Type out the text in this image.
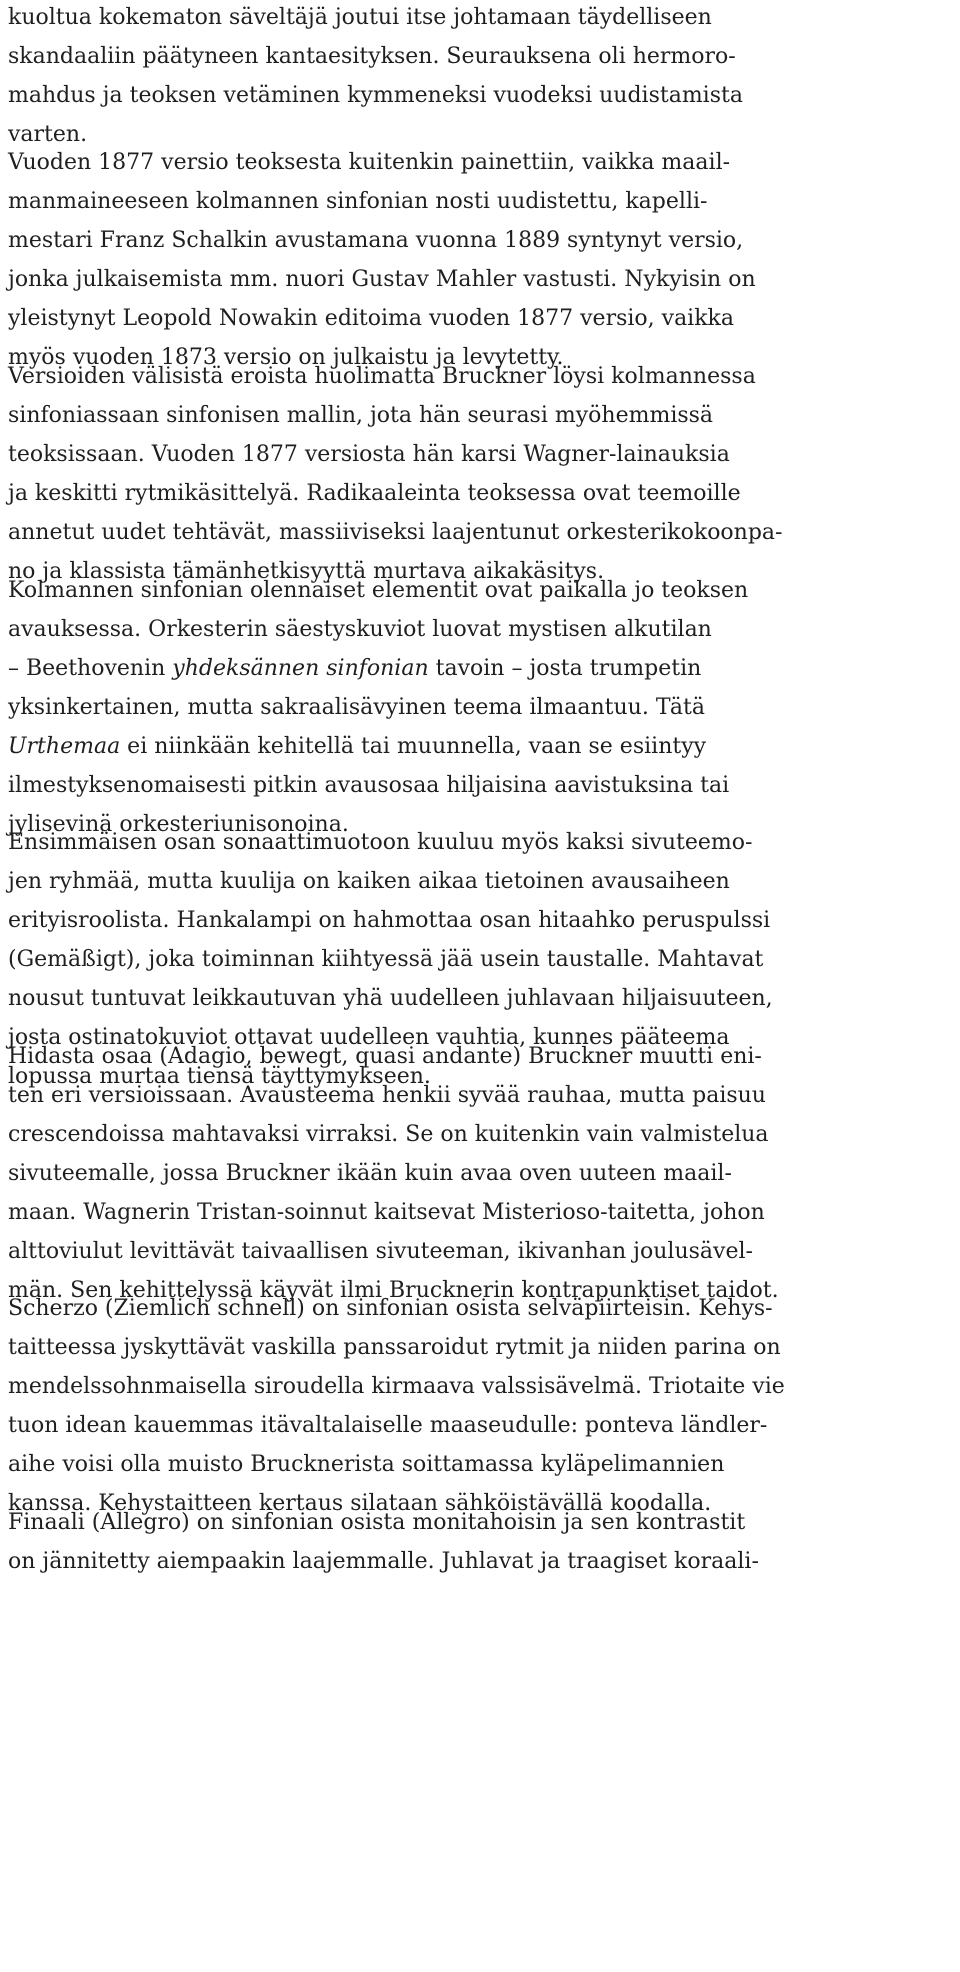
kuoltua kokematon säveltäjä joutui itse johtamaan täydelliseen
skandaaliin päätyneen kantaesityksen. Seurauksena oli hermoro-
mahdus ja teoksen vetäminen kymmeneksi vuodeksi uudistamista
varten.
Vuoden 1877 versio teoksesta kuitenkin painettiin, vaikka maail-
manmaineeseen kolmannen sinfonian nosti uudistettu, kapelli-
mestari Franz Schalkin avustamana vuonna 1889 syntynyt versio,
jonka julkaisemista mm. nuori Gustav Mahler vastusti. Nykyisin on
yleistynyt Leopold Nowakin editoima vuoden 1877 versio, vaikka
myös vuoden 1873 versio on julkaistu ja levytetty.
Versioiden välisistä eroista huolimatta Bruckner löysi kolmannessa
sinfoniassaan sinfonisen mallin, jota hän seurasi myöhemmissä
teoksissaan. Vuoden 1877 versiosta hän karsi Wagner-lainauksia
ja keskitti rytmikäsittelyä. Radikaaleinta teoksessa ovat teemoille
annetut uudet tehtävät, massiiviseksi laajentunut orkesterikokoonpa-
no ja klassista tämänhetkisyyttä murtava aikakäsitys.
Kolmannen sinfonian olennaiset elementit ovat paikalla jo teoksen
avauksessa. Orkesterin säestyskuviot luovat mystisen alkutilan
– Beethovenin yhdeksännen sinfonian tavoin – josta trumpetin
yksinkertainen, mutta sakraalisävyinen teema ilmaantuu. Tätä
Urthemaa ei niinkään kehitellä tai muunnella, vaan se esiintyy
ilmestyksenomaisesti pitkin avausosaa hiljaisina aavistuksina tai
jylisevinä orkesteriunisonoina.
Ensimmäisen osan sonaattimuotoon kuuluu myös kaksi sivuteemo-
jen ryhmää, mutta kuulija on kaiken aikaa tietoinen avausaiheen
erityisroolista. Hankalampi on hahmottaa osan hitaahko peruspulssi
(Gemäßigt), joka toiminnan kiihtyessä jää usein taustalle. Mahtavat
nousut tuntuvat leikkautuvan yhä uudelleen juhlavaan hiljaisuuteen,
josta ostinatokuviot ottavat uudelleen vauhtia, kunnes pääteema
lopussa murtaa tiensä täyttymykseen.
Hidasta osaa (Adagio, bewegt, quasi andante) Bruckner muutti eni-
ten eri versioissaan. Avausteema henkii syvää rauhaa, mutta paisuu
crescendoissa mahtavaksi virraksi. Se on kuitenkin vain valmistelua
sivuteemalle, jossa Bruckner ikään kuin avaa oven uuteen maail-
maan. Wagnerin Tristan-soinnut kaitsevat Misterioso-taitetta, johon
alttoviulut levittävät taivaallisen sivuteeman, ikivanhan joulusävel-
män. Sen kehittelyssä käyvät ilmi Brucknerin kontrapunktiset taidot.
Scherzo (Ziemlich schnell) on sinfonian osista selväpiirteisin. Kehys-
taitteessa jyskyttävät vaskilla panssaroidut rytmit ja niiden parina on
mendelssohnmaisella siroudella kirmaava valssisävelmä. Triotaite vie
tuon idean kauemmas itävaltalaiselle maaseudulle: ponteva ländler-
aihe voisi olla muisto Brucknerista soittamassa kyläpelimannien
kanssa. Kehystaitteen kertaus silataan sähköistävällä koodalla.
Finaali (Allegro) on sinfonian osista monitahoisin ja sen kontrastit
on jännitetty aiempaakin laajemmalle. Juhlavat ja traagiset koraali-
